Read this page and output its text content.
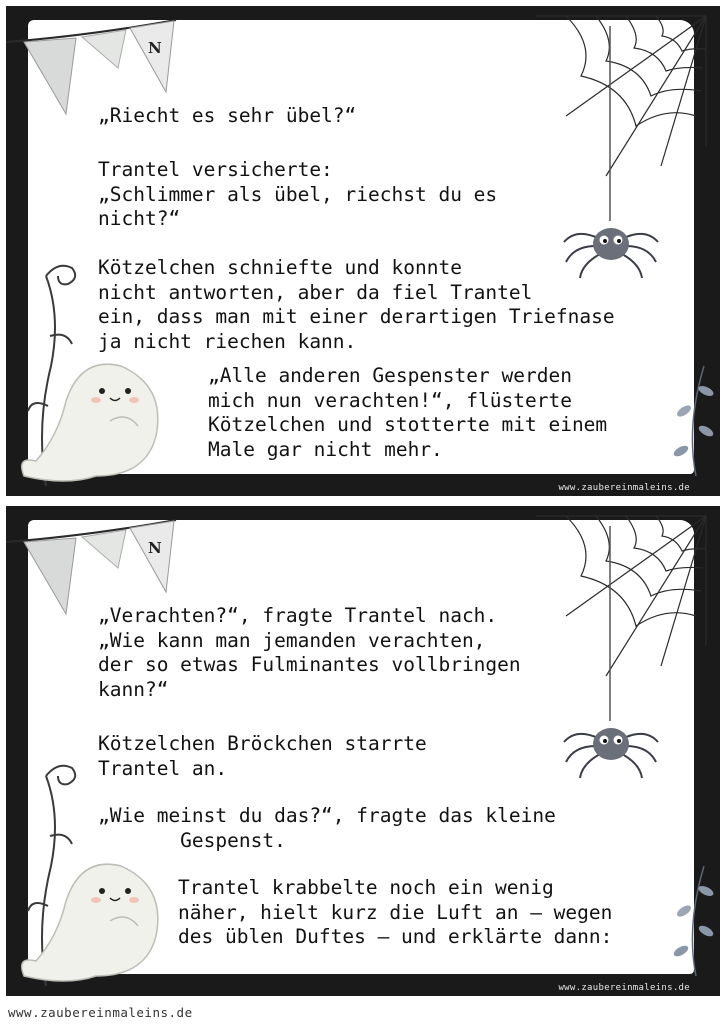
N
„Riecht es sehr übel?“
Trantel versicherte:
„Schlimmer als übel, riechst du es
nicht?“
Kötzelchen schniefte und konnte
nicht antworten, aber da fiel Trantel
ein, dass man mit einer derartigen Triefnase
ja nicht riechen kann.
„Alle anderen Gespenster werden
mich nun verachten!“, flüsterte
Kötzelchen und stotterte mit einem
Male gar nicht mehr.
www.zaubereinmaleins.de
N
„Verachten?“, fragte Trantel nach.
„Wie kann man jemanden verachten,
der so etwas Fulminantes vollbringen
kann?“
Kötzelchen Bröckchen starrte
Trantel an.
„Wie meinst du das?“, fragte das kleine
Gespenst.
Trantel krabbelte noch ein wenig
näher, hielt kurz die Luft an – wegen
des üblen Duftes – und erklärte dann:
www.zaubereinmaleins.de
www.zaubereinmaleins.de
